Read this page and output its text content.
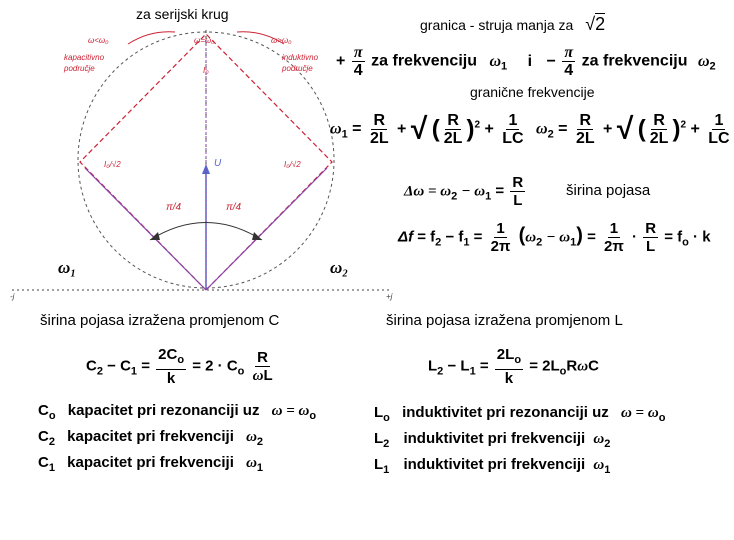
za serijski krug
ω<ω₀
kapacitivno područje
ω>ω₀
induktivno područje
ω=ω₀
I₀
U
I₀/√2	I₀/√2
π/4	π/4
ω₁	ω₂
-j	+j
granica - struja manja za √2
+ $\frac{\pi}{4}$ za frekvenciju $\omega_1$ $i - \frac{\pi}{4}$ za frekvenciju $\omega_2$
granične frekvencije
$\omega_1 = \frac{R}{2L}$ + √ ( $\frac{R}{2L} )^2 + \frac{1}{LC} \omega_2 = \frac{R}{2L}$ + √ ( $\frac{R}{2L} )^2 + \frac{1}{LC}$
$\Delta\omega = \omega_2 - \omega_1 = \frac{R}{L}$	širina pojasa
$\Delta f = f_2 - f_1 = \frac{1}{2\pi} (\omega_2 - \omega_1) = \frac{1}{2\pi} \cdot \frac{R}{L} = f_o \cdot k$
širina pojasa izražena promjenom C	širina pojasa izražena promjenom L
$C_2 - C_1 = \frac{2C_o}{k} = 2 \cdot C_o \frac{R}{\omega L}$	$L_2 - L_1 = \frac{2L_o}{k} = 2L_oR\omega C$
$C_o$ kapacitet pri rezonanciji uz $\omega = \omega_o$
$C_2$ kapacitet pri frekvenciji $\omega_2$
$C_1$ kapacitet pri frekvenciji $\omega_1$
$L_o$ induktivitet pri rezonanciji uz $\omega = \omega_o$
$L_2$ induktivitet pri frekvenciji $\omega_2$
$L_1$ induktivitet pri frekvenciji $\omega_1$
